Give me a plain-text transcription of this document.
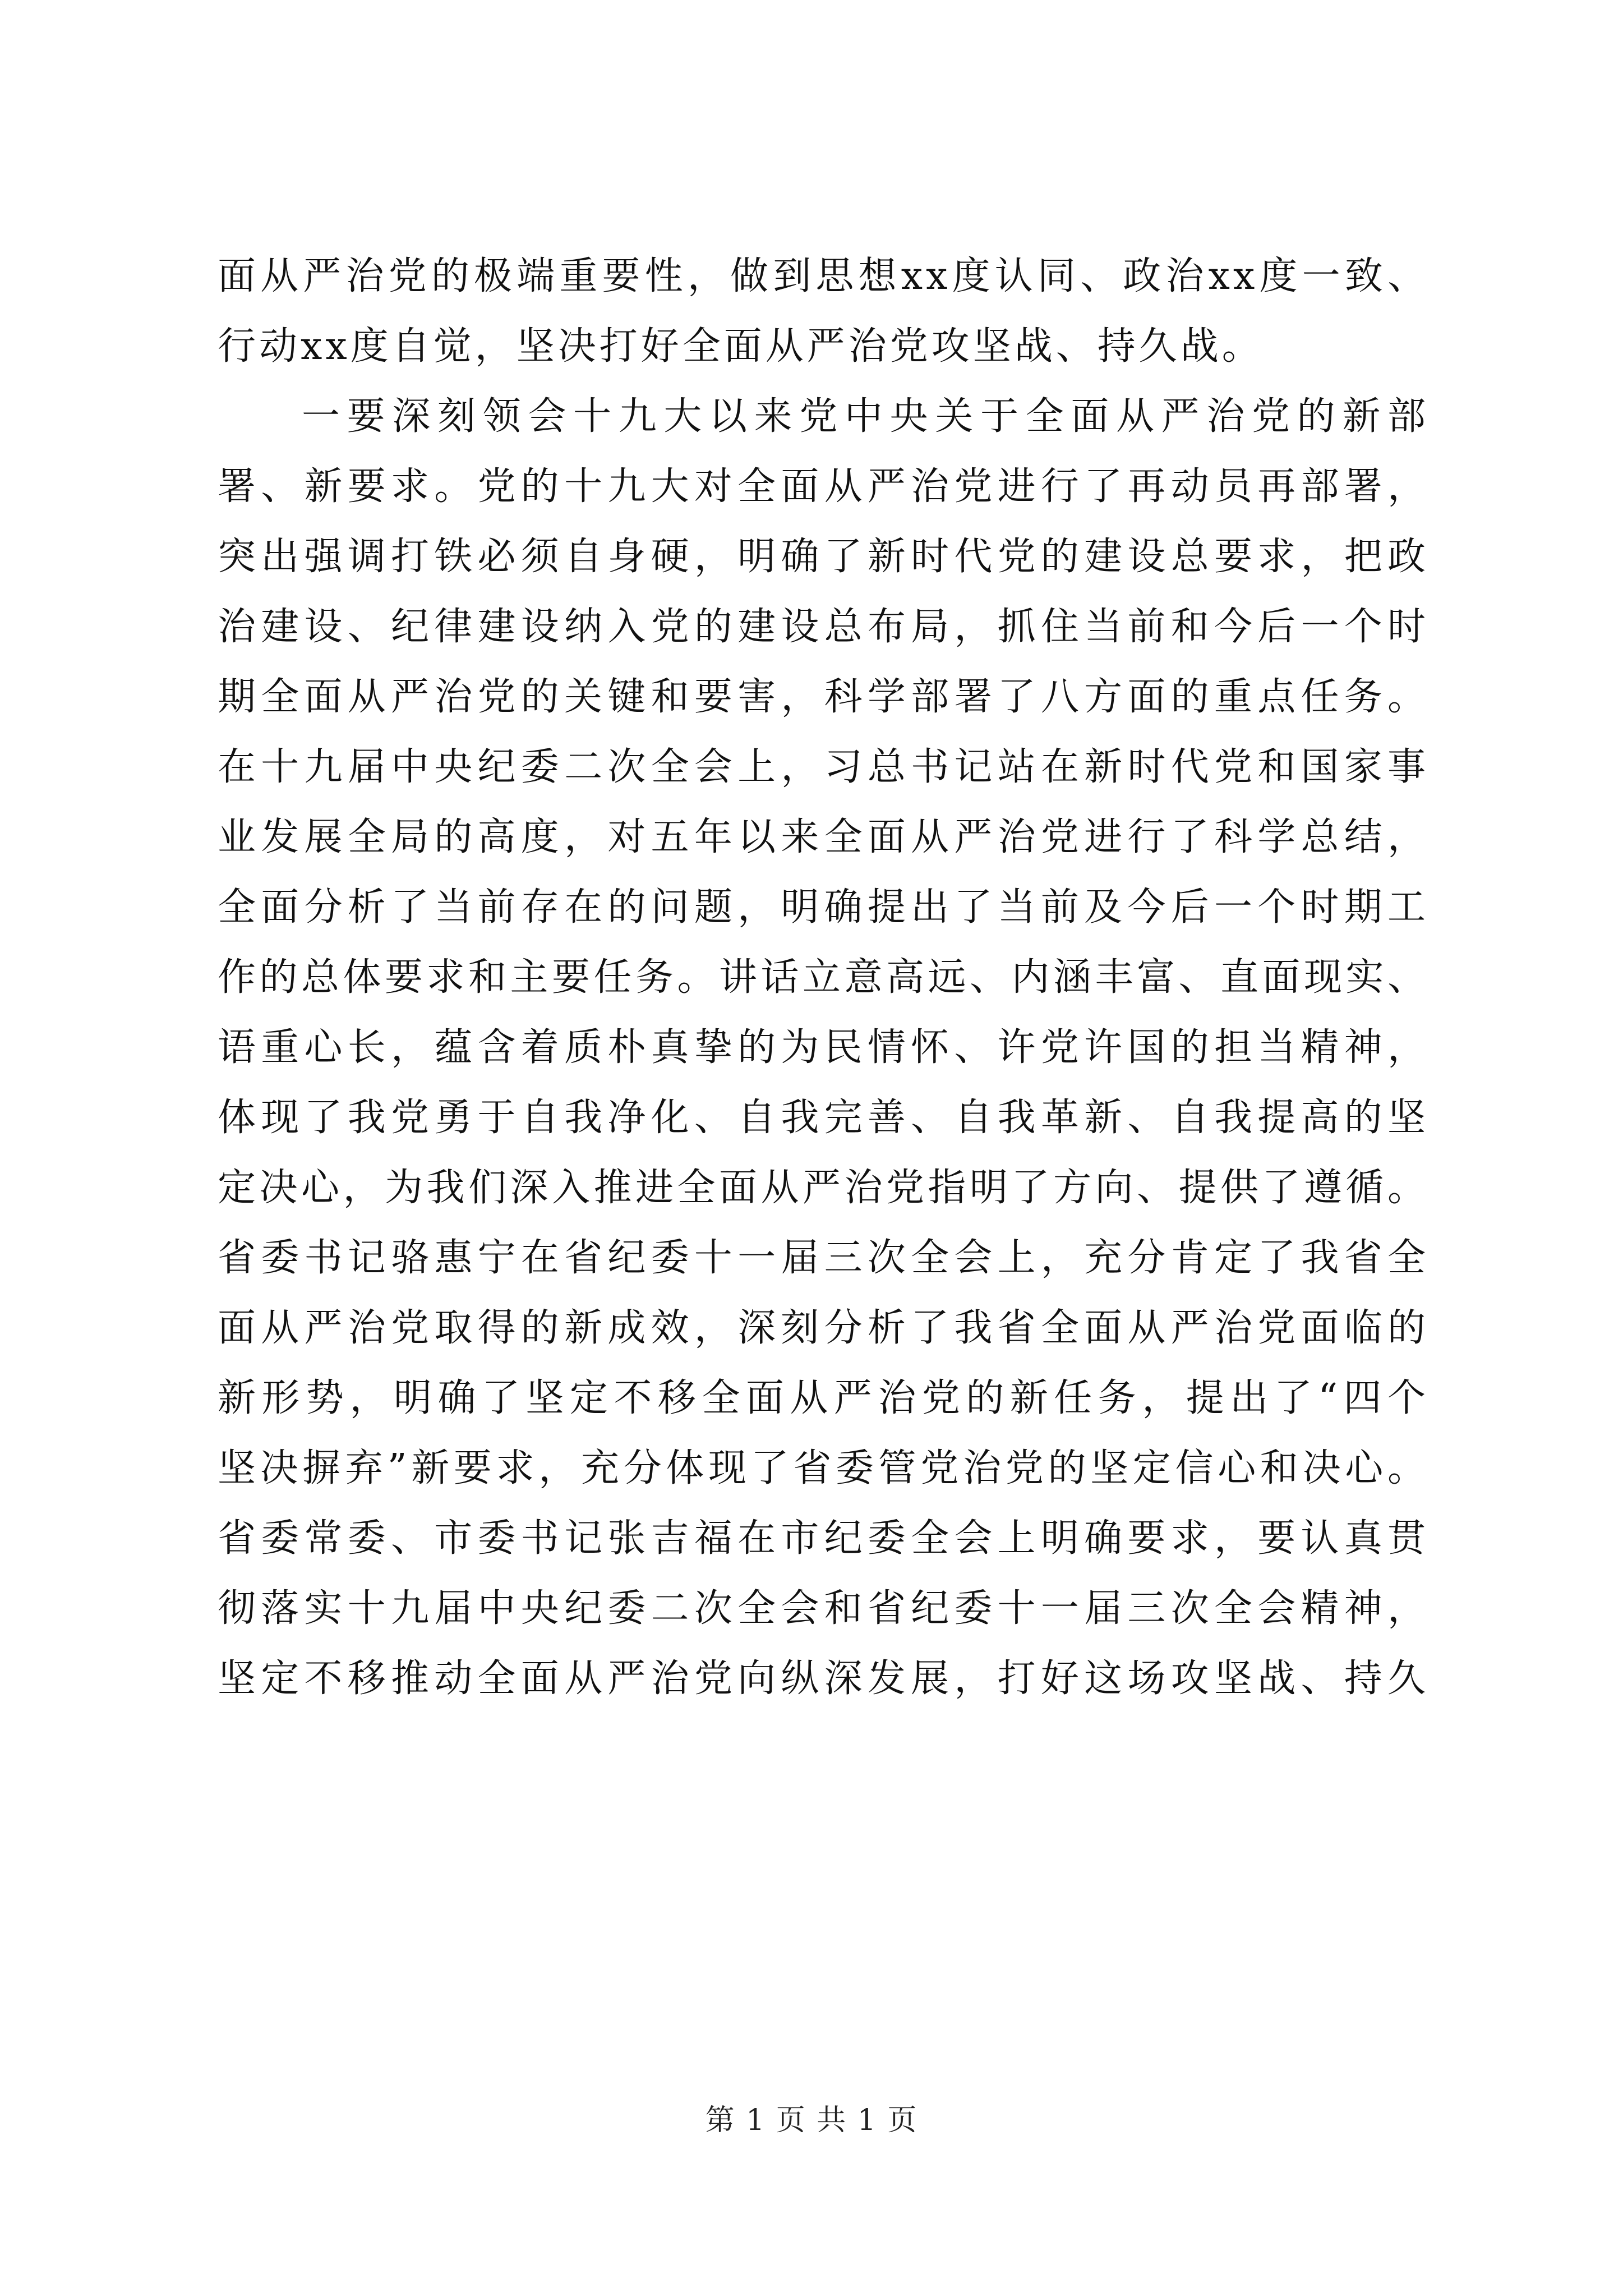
面从严治党的极端重要性，做到思想xx度认同、政治xx度一致、
行动xx度自觉，坚决打好全面从严治党攻坚战、持久战。
一要深刻领会十九大以来党中央关于全面从严治党的新部
署、新要求。党的十九大对全面从严治党进行了再动员再部署，
突出强调打铁必须自身硬，明确了新时代党的建设总要求，把政
治建设、纪律建设纳入党的建设总布局，抓住当前和今后一个时
期全面从严治党的关键和要害，科学部署了八方面的重点任务。
在十九届中央纪委二次全会上，习总书记站在新时代党和国家事
业发展全局的高度，对五年以来全面从严治党进行了科学总结，
全面分析了当前存在的问题，明确提出了当前及今后一个时期工
作的总体要求和主要任务。讲话立意高远、内涵丰富、直面现实、
语重心长，蕴含着质朴真挚的为民情怀、许党许国的担当精神，
体现了我党勇于自我净化、自我完善、自我革新、自我提高的坚
定决心，为我们深入推进全面从严治党指明了方向、提供了遵循。
省委书记骆惠宁在省纪委十一届三次全会上，充分肯定了我省全
面从严治党取得的新成效，深刻分析了我省全面从严治党面临的
新形势，明确了坚定不移全面从严治党的新任务，提出了“四个
坚决摒弃”新要求，充分体现了省委管党治党的坚定信心和决心。
省委常委、市委书记张吉福在市纪委全会上明确要求，要认真贯
彻落实十九届中央纪委二次全会和省纪委十一届三次全会精神，
坚定不移推动全面从严治党向纵深发展，打好这场攻坚战、持久
第 1 页 共 1 页
